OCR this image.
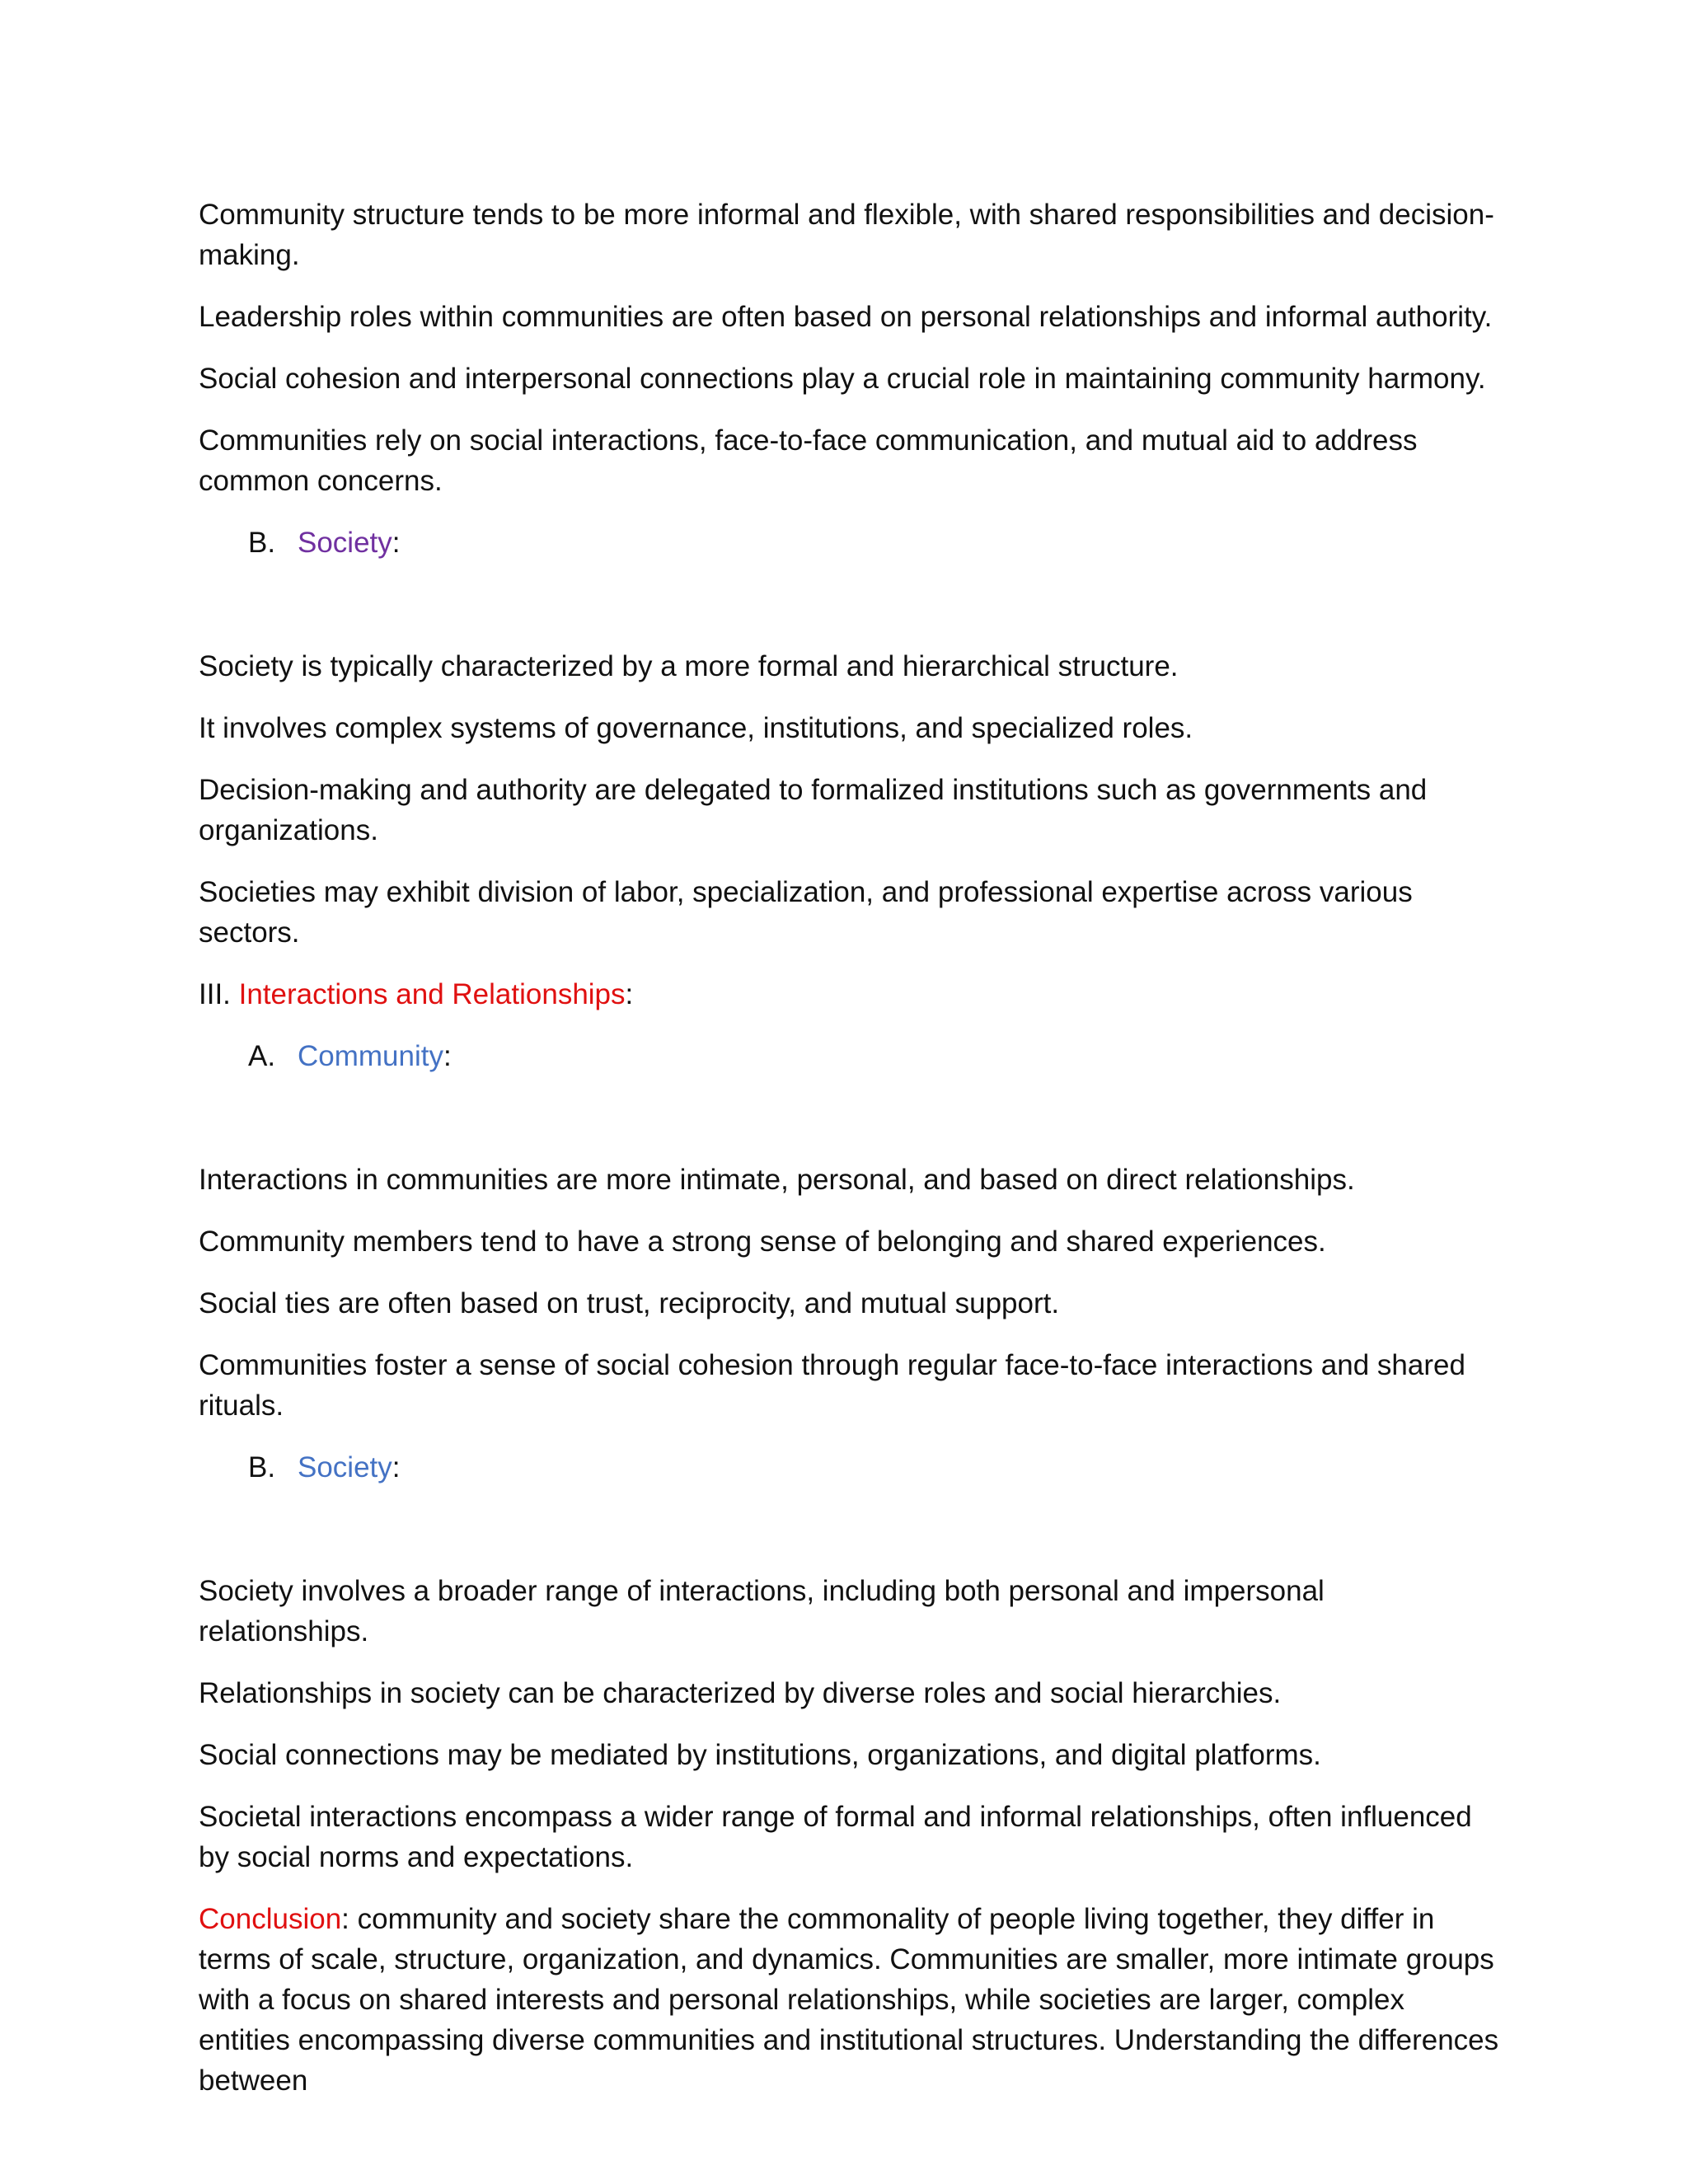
Community structure tends to be more informal and flexible, with shared responsibilities and decision-making.

Leadership roles within communities are often based on personal relationships and informal authority.

Social cohesion and interpersonal connections play a crucial role in maintaining community harmony.

Communities rely on social interactions, face-to-face communication, and mutual aid to address common concerns.

B. Society:

Society is typically characterized by a more formal and hierarchical structure.

It involves complex systems of governance, institutions, and specialized roles.

Decision-making and authority are delegated to formalized institutions such as governments and organizations.

Societies may exhibit division of labor, specialization, and professional expertise across various sectors.

III. Interactions and Relationships:

A. Community:

Interactions in communities are more intimate, personal, and based on direct relationships.

Community members tend to have a strong sense of belonging and shared experiences.

Social ties are often based on trust, reciprocity, and mutual support.

Communities foster a sense of social cohesion through regular face-to-face interactions and shared rituals.

B. Society:

Society involves a broader range of interactions, including both personal and impersonal relationships.

Relationships in society can be characterized by diverse roles and social hierarchies.

Social connections may be mediated by institutions, organizations, and digital platforms.

Societal interactions encompass a wider range of formal and informal relationships, often influenced by social norms and expectations.

Conclusion: community and society share the commonality of people living together, they differ in terms of scale, structure, organization, and dynamics. Communities are smaller, more intimate groups with a focus on shared interests and personal relationships, while societies are larger, complex entities encompassing diverse communities and institutional structures. Understanding the differences between
